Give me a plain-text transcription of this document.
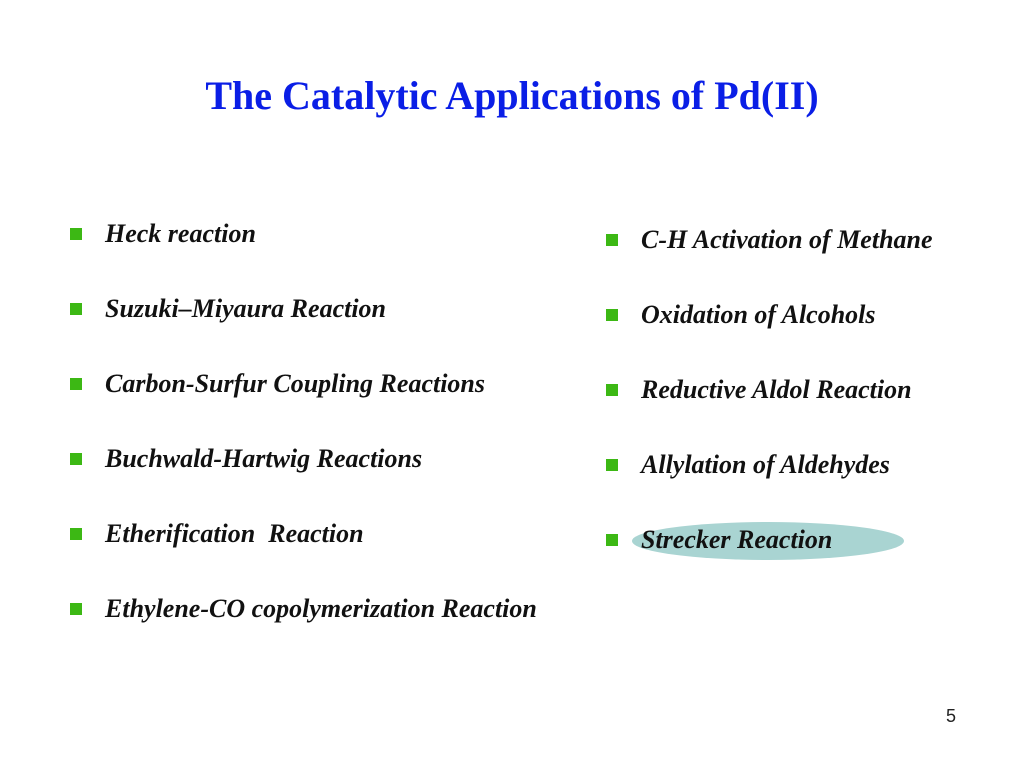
The Catalytic Applications of Pd(II)
Heck reaction
Suzuki–Miyaura Reaction
Carbon-Surfur Coupling Reactions
Buchwald-Hartwig Reactions
Etherification  Reaction
Ethylene-CO copolymerization Reaction
C-H Activation of Methane
Oxidation of Alcohols
Reductive Aldol Reaction
Allylation of Aldehydes
Strecker Reaction
5
